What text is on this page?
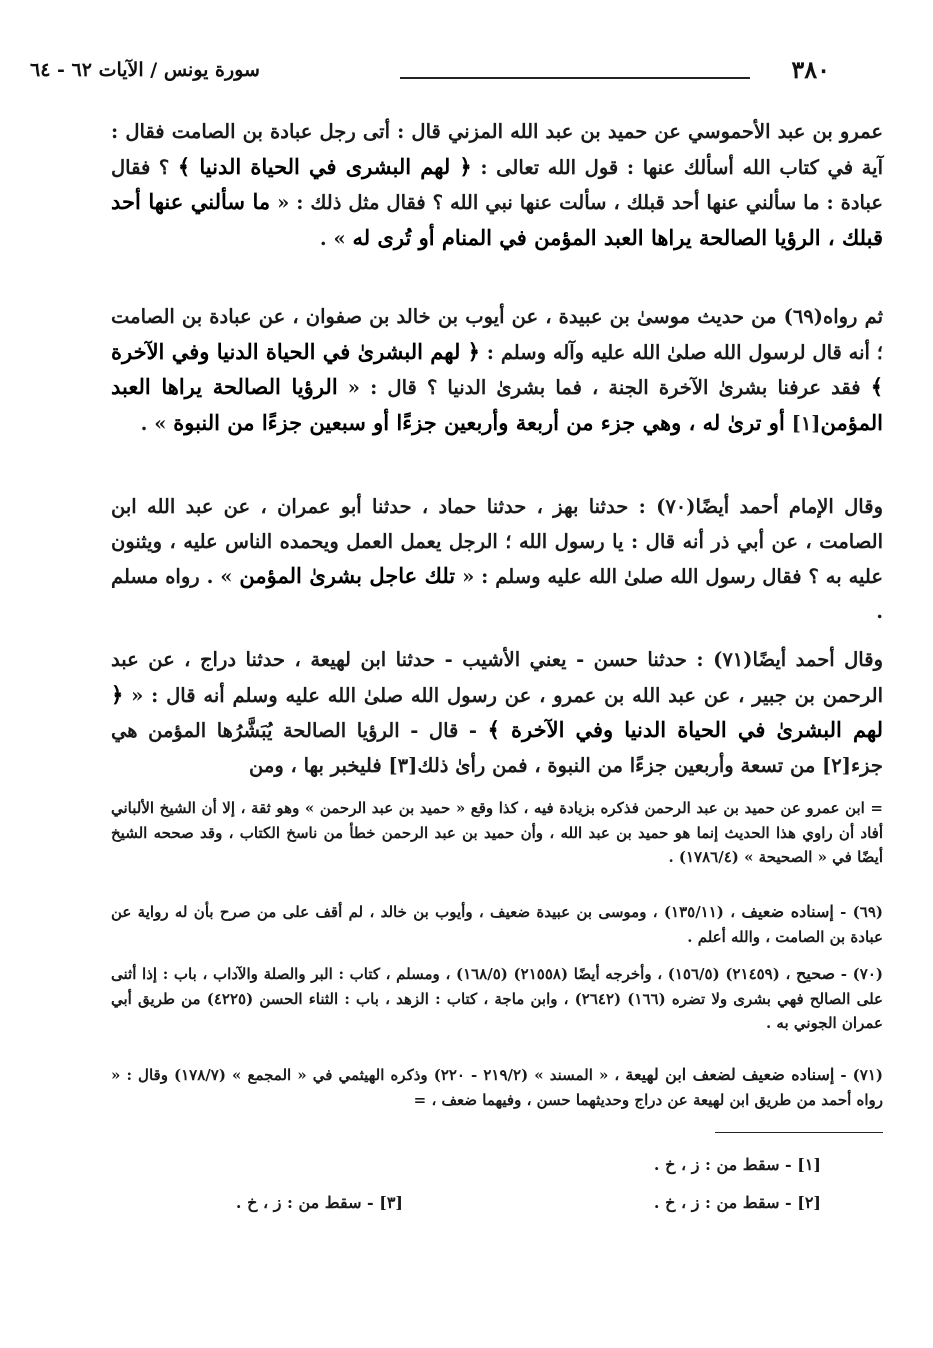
٣٨٠
سورة يونس / الآيات ٦٢ - ٦٤
عمرو بن عبد الأحموسي عن حميد بن عبد الله المزني قال : أتى رجل عبادة بن الصامت فقال : آية في كتاب الله أسألك عنها : قول الله تعالى : ﴿ لهم البشرى في الحياة الدنيا ﴾ ؟ فقال عبادة : ما سألني عنها أحد قبلك ، سألت عنها نبي الله ؟ فقال مثل ذلك : « ما سألني عنها أحد قبلك ، الرؤيا الصالحة يراها العبد المؤمن في المنام أو تُرى له » .
ثم رواه(٦٩) من حديث موسىٰ بن عبيدة ، عن أيوب بن خالد بن صفوان ، عن عبادة بن الصامت ؛ أنه قال لرسول الله صلىٰ الله عليه وآله وسلم : ﴿ لهم البشرىٰ في الحياة الدنيا وفي الآخرة ﴾ فقد عرفنا بشرىٰ الآخرة الجنة ، فما بشرىٰ الدنيا ؟ قال : « الرؤيا الصالحة يراها العبد المؤمن[١] أو ترىٰ له ، وهي جزء من أربعة وأربعين جزءًا أو سبعين جزءًا من النبوة » .
وقال الإمام أحمد أيضًا(٧٠) : حدثنا بهز ، حدثنا حماد ، حدثنا أبو عمران ، عن عبد الله ابن الصامت ، عن أبي ذر أنه قال : يا رسول الله ؛ الرجل يعمل العمل ويحمده الناس عليه ، ويثنون عليه به ؟ فقال رسول الله صلىٰ الله عليه وسلم : « تلك عاجل بشرىٰ المؤمن » . رواه مسلم .
وقال أحمد أيضًا(٧١) : حدثنا حسن - يعني الأشيب - حدثنا ابن لهيعة ، حدثنا دراج ، عن عبد الرحمن بن جبير ، عن عبد الله بن عمرو ، عن رسول الله صلىٰ الله عليه وسلم أنه قال : « ﴿ لهم البشرىٰ في الحياة الدنيا وفي الآخرة ﴾ - قال - الرؤيا الصالحة يُبَشَّرُها المؤمن هي جزء[٢] من تسعة وأربعين جزءًا من النبوة ، فمن رأىٰ ذلك[٣] فليخبر بها ، ومن
= ابن عمرو عن حميد بن عبد الرحمن فذكره بزيادة فيه ، كذا وقع « حميد بن عبد الرحمن » وهو ثقة ، إلا أن الشيخ الألباني أفاد أن راوي هذا الحديث إنما هو حميد بن عبد الله ، وأن حميد بن عبد الرحمن خطأ من ناسخ الكتاب ، وقد صححه الشيخ أيضًا في « الصحيحة » (١٧٨٦/٤) .
(٦٩) - إسناده ضعيف ، (١٣٥/١١) ، وموسى بن عبيدة ضعيف ، وأيوب بن خالد ، لم أقف على من صرح بأن له رواية عن عبادة بن الصامت ، والله أعلم .
(٧٠) - صحيح ، (٢١٤٥٩) (١٥٦/٥) ، وأخرجه أيضًا (٢١٥٥٨) (١٦٨/٥) ، ومسلم ، كتاب : البر والصلة والآداب ، باب : إذا أثنى على الصالح فهي بشرى ولا تضره (١٦٦) (٢٦٤٢) ، وابن ماجة ، كتاب : الزهد ، باب : الثناء الحسن (٤٢٢٥) من طريق أبي عمران الجوني به .
(٧١) - إسناده ضعيف لضعف ابن لهيعة ، « المسند » (٢١٩/٢ - ٢٢٠) وذكره الهيثمي في « المجمع » (١٧٨/٧) وقال : « رواه أحمد من طريق ابن لهيعة عن دراج وحديثهما حسن ، وفيهما ضعف ، =
[١] - سقط من : ز ، خ .
[٢] - سقط من : ز ، خ .
[٣] - سقط من : ز ، خ .
